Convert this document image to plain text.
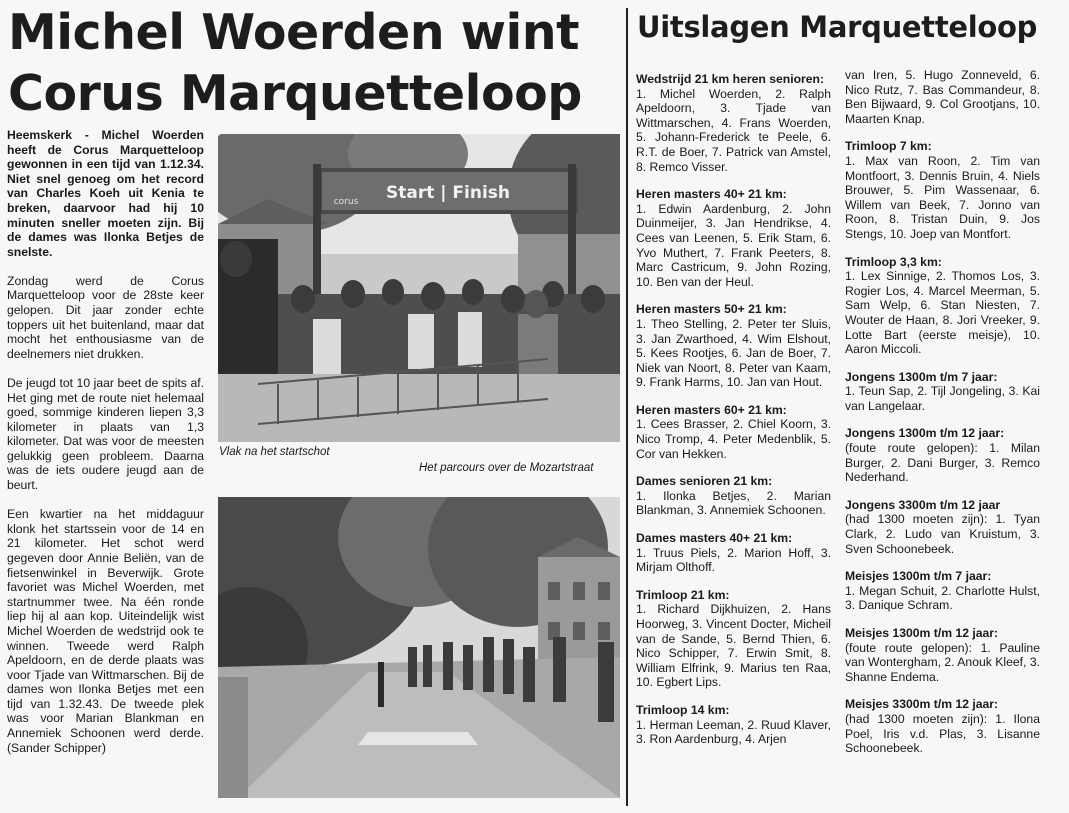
Michel Woerden wint
Corus Marquetteloop

Heemskerk - Michel Woerden heeft de Corus Marquetteloop gewonnen in een tijd van 1.12.34. Niet snel genoeg om het record van Charles Koeh uit Kenia te breken, daarvoor had hij 10 minuten sneller moeten zijn. Bij de dames was Ilonka Betjes de snelste.

Zondag werd de Corus Marquetteloop voor de 28ste keer gelopen. Dit jaar zonder echte toppers uit het buitenland, maar dat mocht het enthousiasme van de deelnemers niet drukken.

De jeugd tot 10 jaar beet de spits af. Het ging met de route niet helemaal goed, sommige kinderen liepen 3,3 kilometer in plaats van 1,3 kilometer. Dat was voor de meesten gelukkig geen probleem. Daarna was de iets oudere jeugd aan de beurt.

Een kwartier na het middaguur klonk het startssein voor de 14 en 21 kilometer. Het schot werd gegeven door Annie Beliën, van de fietsenwinkel in Beverwijk. Grote favoriet was Michel Woerden, met startnummer twee. Na één ronde liep hij al aan kop. Uiteindelijk wist Michel Woerden de wedstrijd ook te winnen. Tweede werd Ralph Apeldoorn, en de derde plaats was voor Tjade van Wittmarschen. Bij de dames won Ilonka Betjes met een tijd van 1.32.43. De tweede plek was voor Marian Blankman en Annemiek Schoonen werd derde. (Sander Schipper)

Start | Finish
corus
Vlak na het startschot
Het parcours over de Mozartstraat
Uitslagen Marquetteloop
Wedstrijd 21 km heren senioren:
1. Michel Woerden, 2. Ralph Apeldoorn, 3. Tjade van Wittmarschen, 4. Frans Woerden, 5. Johann-Frederick te Peele, 6. R.T. de Boer, 7. Patrick van Amstel, 8. Remco Visser.
Heren masters 40+ 21 km:
1. Edwin Aardenburg, 2. John Duinmeijer, 3. Jan Hendrikse, 4. Cees van Leenen, 5. Erik Stam, 6. Yvo Muthert, 7. Frank Peeters, 8. Marc Castricum, 9. John Rozing, 10. Ben van der Heul.
Heren masters 50+ 21 km:
1. Theo Stelling, 2. Peter ter Sluis, 3. Jan Zwarthoed, 4. Wim Elshout, 5. Kees Rootjes, 6. Jan de Boer, 7. Niek van Noort, 8. Peter van Kaam, 9. Frank Harms, 10. Jan van Hout.
Heren masters 60+ 21 km:
1. Cees Brasser, 2. Chiel Koorn, 3. Nico Tromp, 4. Peter Medenblik, 5. Cor van Hekken.
Dames senioren 21 km:
1. Ilonka Betjes, 2. Marian Blankman, 3. Annemiek Schoonen.
Dames masters 40+ 21 km:
1. Truus Piels, 2. Marion Hoff, 3. Mirjam Olthoff.
Trimloop 21 km:
1. Richard Dijkhuizen, 2. Hans Hoorweg, 3. Vincent Docter, Micheil van de Sande, 5. Bernd Thien, 6. Nico Schipper, 7. Erwin Smit, 8. William Elfrink, 9. Marius ten Raa, 10. Egbert Lips.
Trimloop 14 km:
1. Herman Leeman, 2. Ruud Klaver, 3. Ron Aardenburg, 4. Arjen
van Iren, 5. Hugo Zonneveld, 6. Nico Rutz, 7. Bas Commandeur, 8. Ben Bijwaard, 9. Col Grootjans, 10. Maarten Knap.
Trimloop 7 km:
1. Max van Roon, 2. Tim van Montfoort, 3. Dennis Bruin, 4. Niels Brouwer, 5. Pim Wassenaar, 6. Willem van Beek, 7. Jonno van Roon, 8. Tristan Duin, 9. Jos Stengs, 10. Joep van Montfort.
Trimloop 3,3 km:
1. Lex Sinnige, 2. Thomos Los, 3. Rogier Los, 4. Marcel Meerman, 5. Sam Welp, 6. Stan Niesten, 7. Wouter de Haan, 8. Jori Vreeker, 9. Lotte Bart (eerste meisje), 10. Aaron Miccoli.
Jongens 1300m t/m 7 jaar:
1. Teun Sap, 2. Tijl Jongeling, 3. Kai van Langelaar.
Jongens 1300m t/m 12 jaar:
(foute route gelopen): 1. Milan Burger, 2. Dani Burger, 3. Remco Nederhand.
Jongens 3300m t/m 12 jaar
(had 1300 moeten zijn): 1. Tyan Clark, 2. Ludo van Kruistum, 3. Sven Schoonebeek.
Meisjes 1300m t/m 7 jaar:
1. Megan Schuit, 2. Charlotte Hulst, 3. Danique Schram.
Meisjes 1300m t/m 12 jaar:
(foute route gelopen): 1. Pauline van Wontergham, 2. Anouk Kleef, 3. Shanne Endema.
Meisjes 3300m t/m 12 jaar:
(had 1300 moeten zijn): 1. Ilona Poel, Iris v.d. Plas, 3. Lisanne Schoonebeek.
